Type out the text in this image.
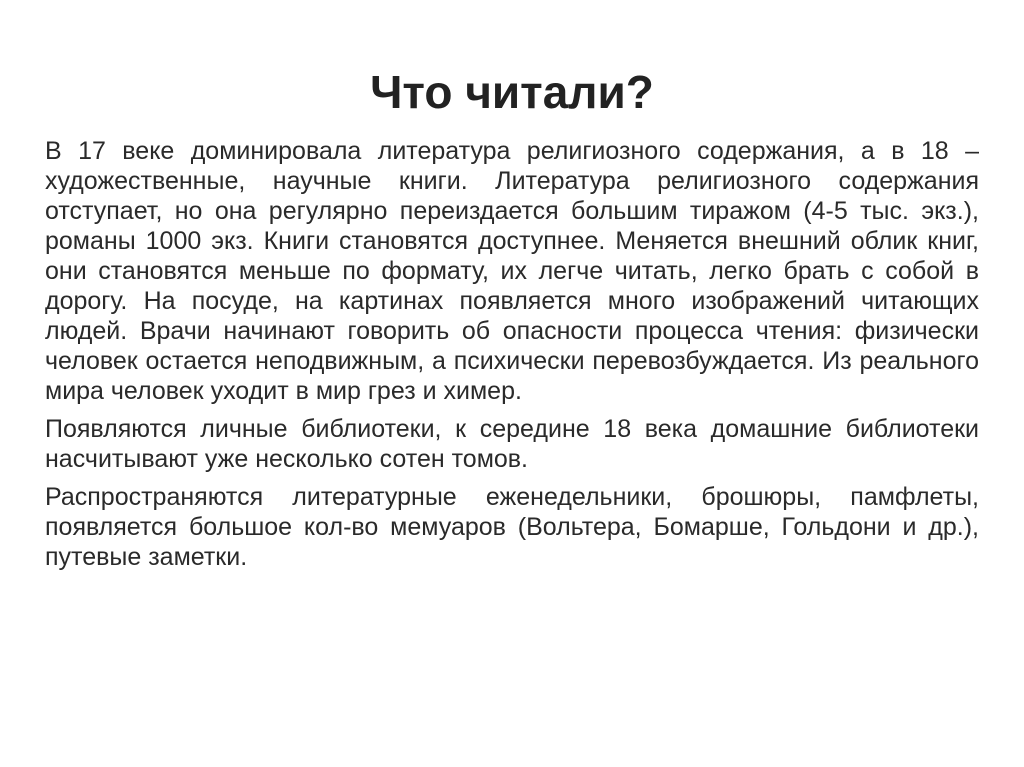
Что читали?

В 17 веке доминировала литература религиозного содержания, а в 18 – художественные, научные книги. Литература религиозного содержания отступает, но она регулярно переиздается большим тиражом (4-5 тыс. экз.), романы 1000 экз. Книги становятся доступнее. Меняется внешний облик книг, они становятся меньше по формату, их легче читать, легко брать с собой в дорогу. На посуде, на картинах появляется много изображений читающих людей. Врачи начинают говорить об опасности процесса чтения: физически человек остается неподвижным, а психически перевозбуждается. Из реального мира человек уходит в мир грез и химер.

Появляются личные библиотеки, к середине 18 века домашние библиотеки насчитывают уже несколько сотен томов.

Распространяются литературные еженедельники, брошюры, памфлеты, появляется большое кол-во мемуаров (Вольтера, Бомарше, Гольдони и др.), путевые заметки.
